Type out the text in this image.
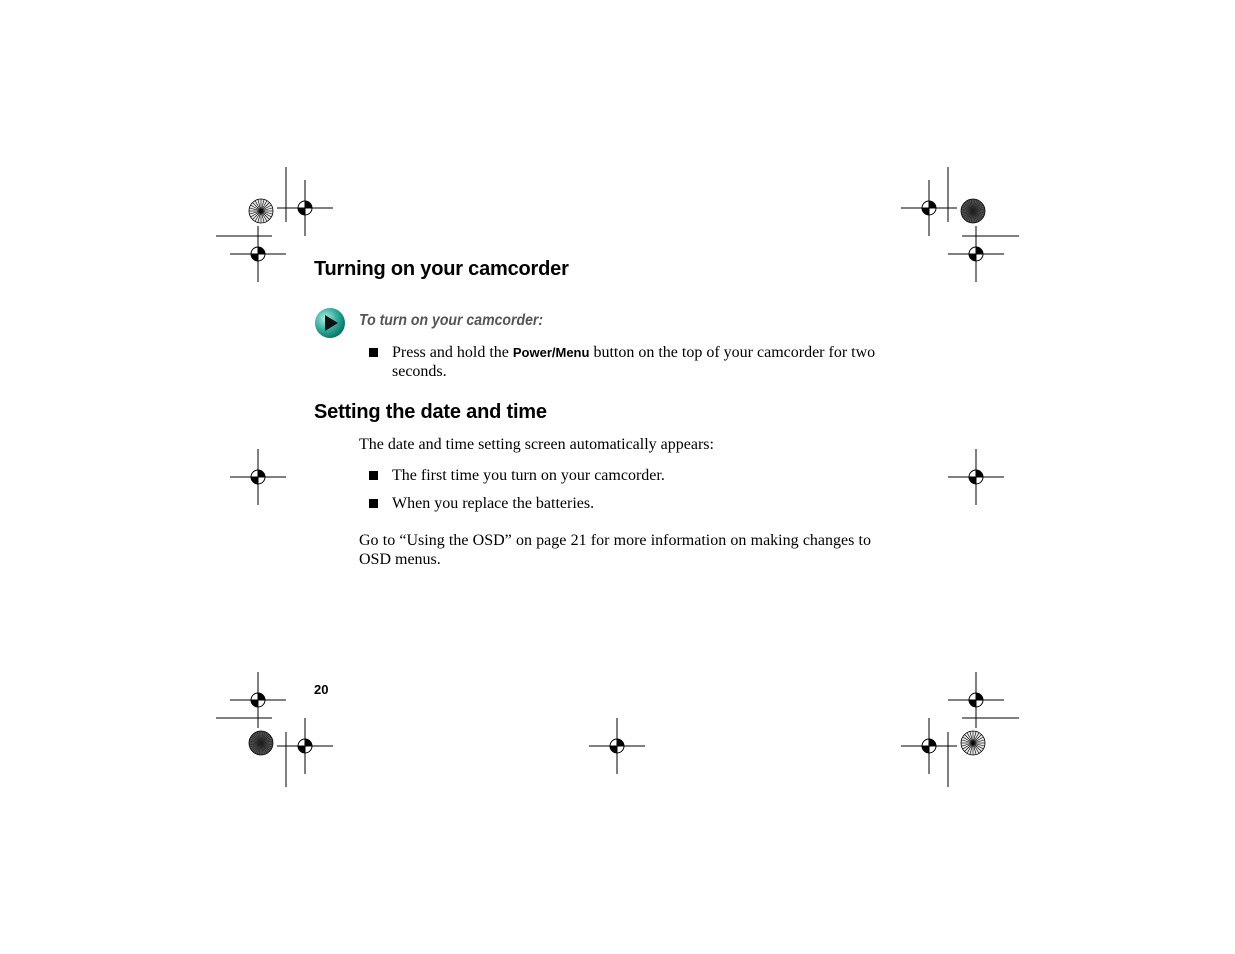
Turning on your camcorder
To turn on your camcorder:
Press and hold the Power/Menu button on the top of your camcorder for two seconds.
Setting the date and time
The date and time setting screen automatically appears:
The first time you turn on your camcorder.
When you replace the batteries.
Go to “Using the OSD” on page 21 for more information on making changes to OSD menus.
20
